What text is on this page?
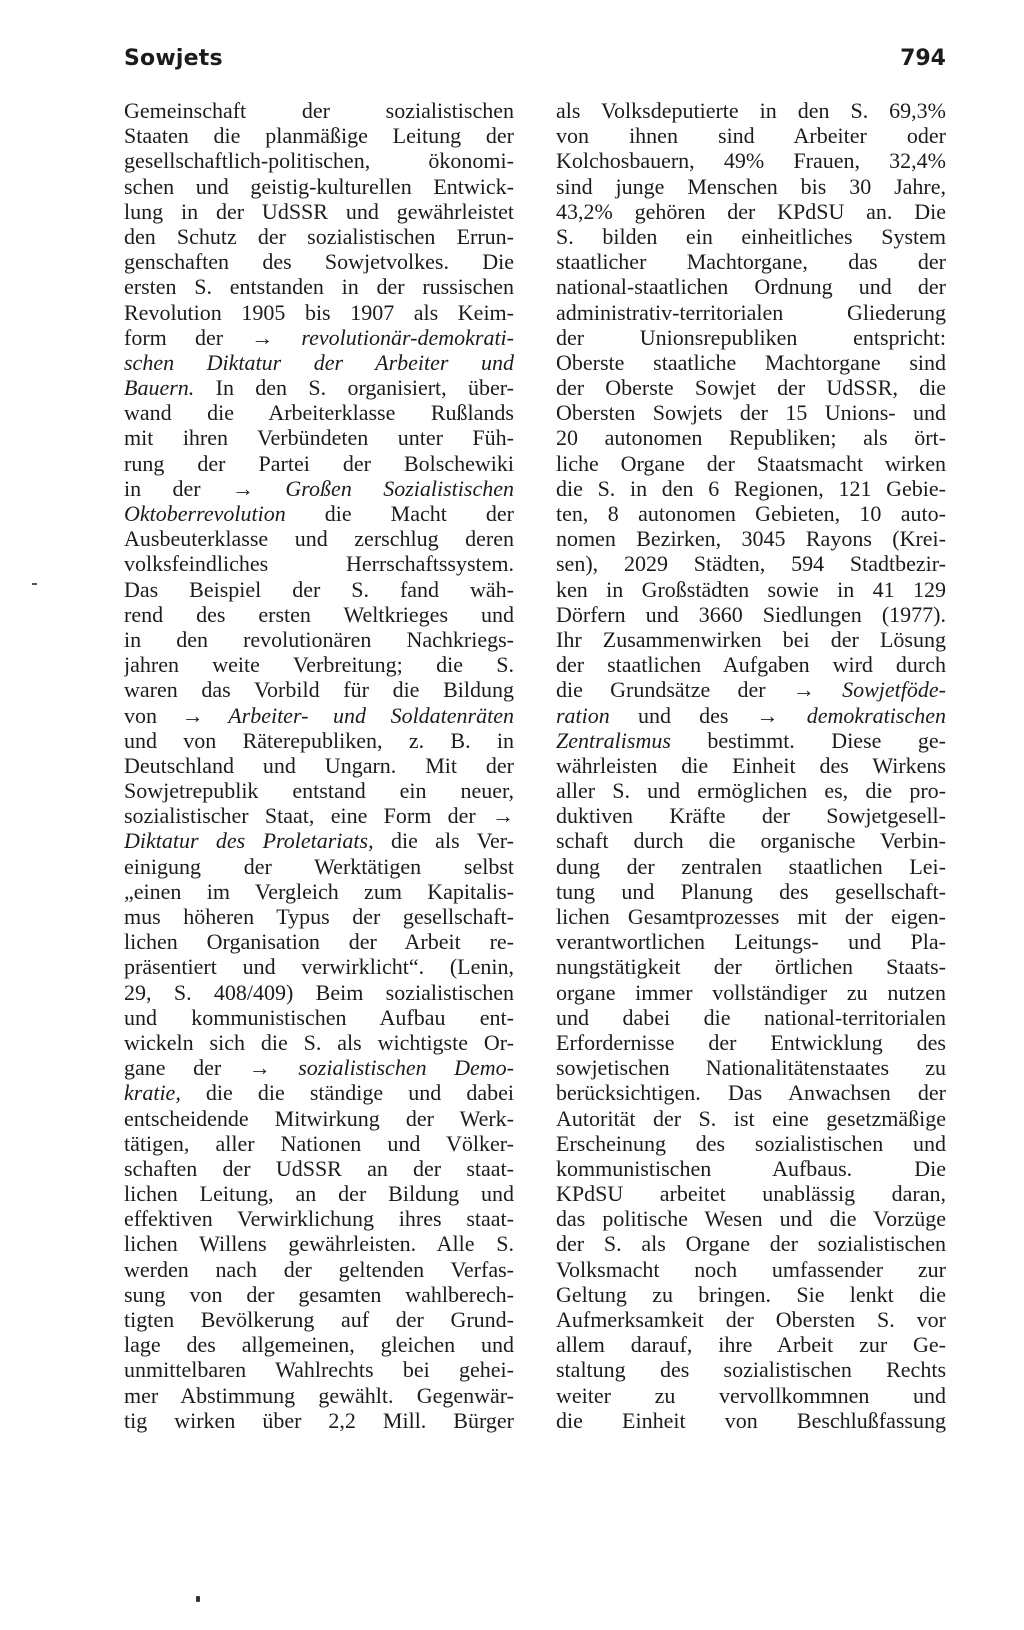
Sowjets	794
Gemeinschaft der sozialistischen
Staaten die planmäßige Leitung der
gesellschaftlich-politischen, ökonomi-
schen und geistig-kulturellen Entwick-
lung in der UdSSR und gewährleistet
den Schutz der sozialistischen Errun-
genschaften des Sowjetvolkes. Die
ersten S. entstanden in der russischen
Revolution 1905 bis 1907 als Keim-
form der → revolutionär-demokrati-
schen Diktatur der Arbeiter und
Bauern. In den S. organisiert, über-
wand die Arbeiterklasse Rußlands
mit ihren Verbündeten unter Füh-
rung der Partei der Bolschewiki
in der → Großen Sozialistischen
Oktoberrevolution die Macht der
Ausbeuterklasse und zerschlug deren
volksfeindliches Herrschaftssystem.
Das Beispiel der S. fand wäh-
rend des ersten Weltkrieges und
in den revolutionären Nachkriegs-
jahren weite Verbreitung; die S.
waren das Vorbild für die Bildung
von → Arbeiter- und Soldatenräten
und von Räterepubliken, z. B. in
Deutschland und Ungarn. Mit der
Sowjetrepublik entstand ein neuer,
sozialistischer Staat, eine Form der →
Diktatur des Proletariats, die als Ver-
einigung der Werktätigen selbst
„einen im Vergleich zum Kapitalis-
mus höheren Typus der gesellschaft-
lichen Organisation der Arbeit re-
präsentiert und verwirklicht“. (Lenin,
29, S. 408/409) Beim sozialistischen
und kommunistischen Aufbau ent-
wickeln sich die S. als wichtigste Or-
gane der → sozialistischen Demo-
kratie, die die ständige und dabei
entscheidende Mitwirkung der Werk-
tätigen, aller Nationen und Völker-
schaften der UdSSR an der staat-
lichen Leitung, an der Bildung und
effektiven Verwirklichung ihres staat-
lichen Willens gewährleisten. Alle S.
werden nach der geltenden Verfas-
sung von der gesamten wahlberech-
tigten Bevölkerung auf der Grund-
lage des allgemeinen, gleichen und
unmittelbaren Wahlrechts bei gehei-
mer Abstimmung gewählt. Gegenwär-
tig wirken über 2,2 Mill. Bürger
als Volksdeputierte in den S. 69,3%
von ihnen sind Arbeiter oder
Kolchosbauern, 49% Frauen, 32,4%
sind junge Menschen bis 30 Jahre,
43,2% gehören der KPdSU an. Die
S. bilden ein einheitliches System
staatlicher Machtorgane, das der
national-staatlichen Ordnung und der
administrativ-territorialen Gliederung
der Unionsrepubliken entspricht:
Oberste staatliche Machtorgane sind
der Oberste Sowjet der UdSSR, die
Obersten Sowjets der 15 Unions- und
20 autonomen Republiken; als ört-
liche Organe der Staatsmacht wirken
die S. in den 6 Regionen, 121 Gebie-
ten, 8 autonomen Gebieten, 10 auto-
nomen Bezirken, 3045 Rayons (Krei-
sen), 2029 Städten, 594 Stadtbezir-
ken in Großstädten sowie in 41 129
Dörfern und 3660 Siedlungen (1977).
Ihr Zusammenwirken bei der Lösung
der staatlichen Aufgaben wird durch
die Grundsätze der → Sowjetföde-
ration und des → demokratischen
Zentralismus bestimmt. Diese ge-
währleisten die Einheit des Wirkens
aller S. und ermöglichen es, die pro-
duktiven Kräfte der Sowjetgesell-
schaft durch die organische Verbin-
dung der zentralen staatlichen Lei-
tung und Planung des gesellschaft-
lichen Gesamtprozesses mit der eigen-
verantwortlichen Leitungs- und Pla-
nungstätigkeit der örtlichen Staats-
organe immer vollständiger zu nutzen
und dabei die national-territorialen
Erfordernisse der Entwicklung des
sowjetischen Nationalitätenstaates zu
berücksichtigen. Das Anwachsen der
Autorität der S. ist eine gesetzmäßige
Erscheinung des sozialistischen und
kommunistischen Aufbaus. Die
KPdSU arbeitet unablässig daran,
das politische Wesen und die Vorzüge
der S. als Organe der sozialistischen
Volksmacht noch umfassender zur
Geltung zu bringen. Sie lenkt die
Aufmerksamkeit der Obersten S. vor
allem darauf, ihre Arbeit zur Ge-
staltung des sozialistischen Rechts
weiter zu vervollkommnen und
die Einheit von Beschlußfassung
